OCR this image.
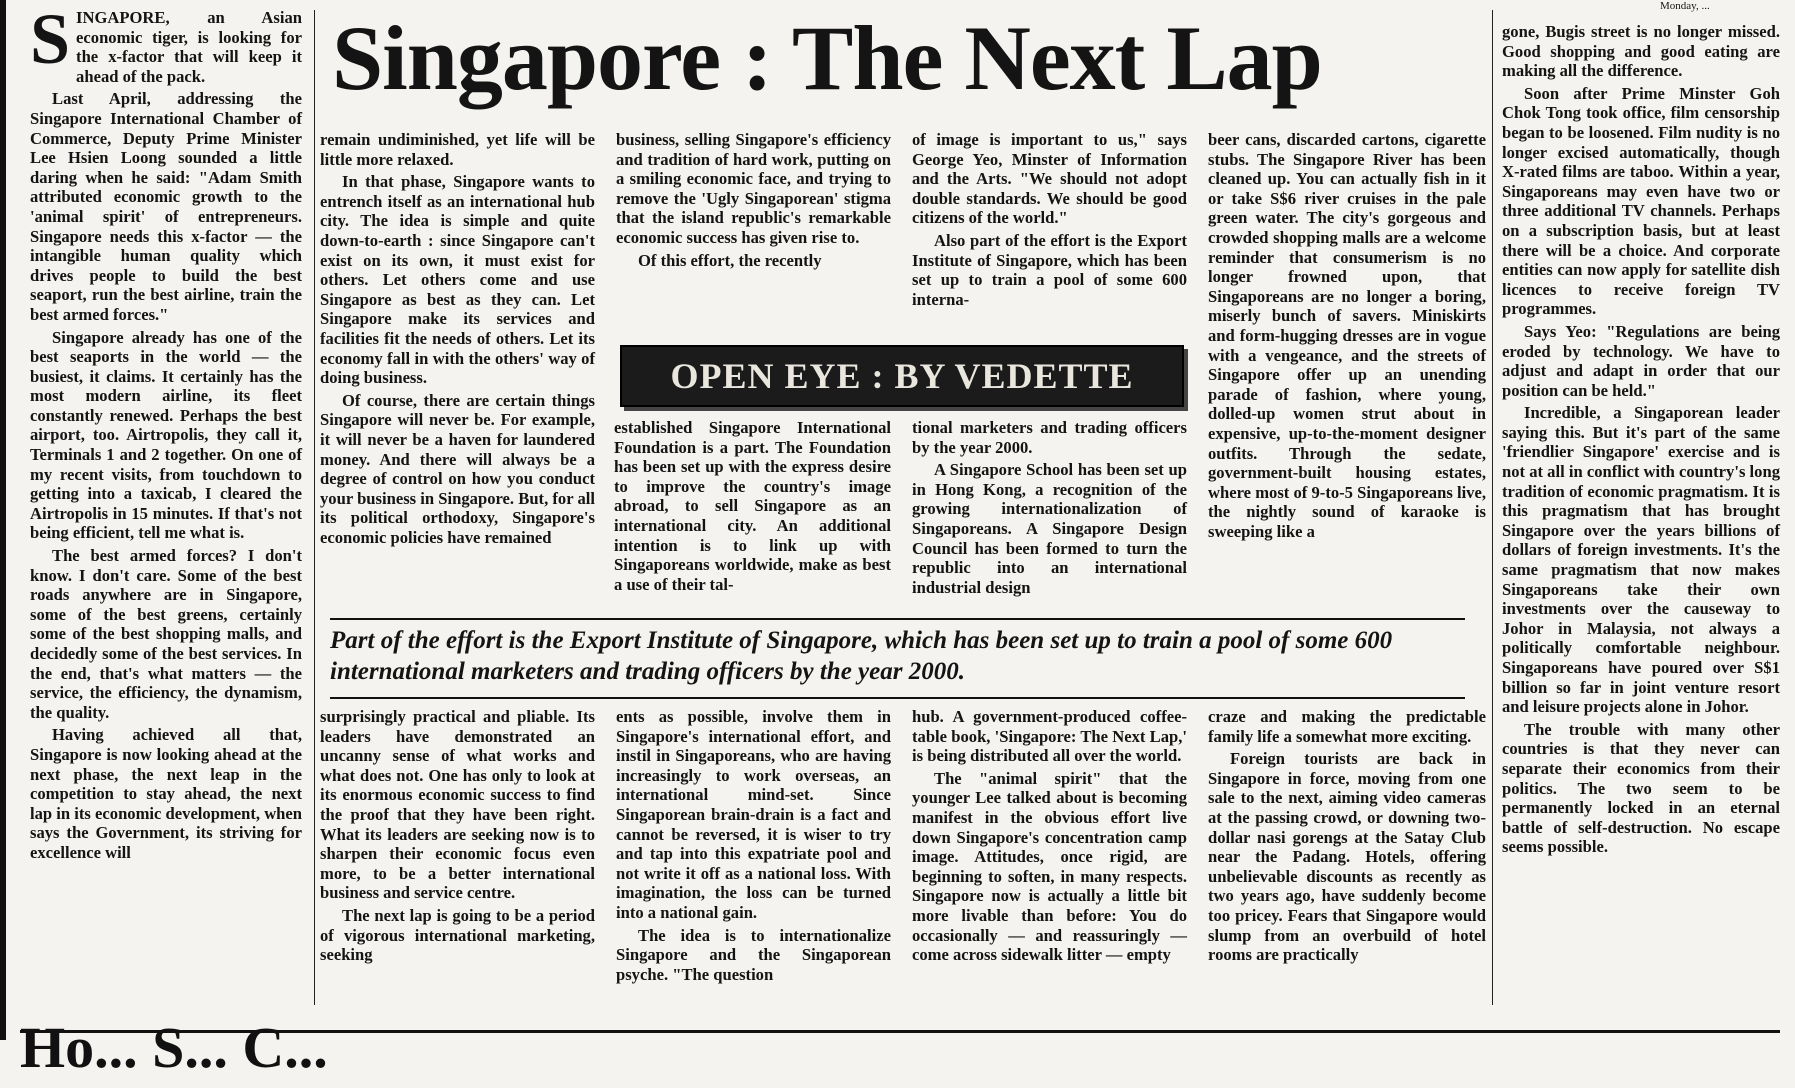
SINGAPORE, an Asian economic tiger, is looking for the x-factor that will keep it ahead of the pack.

Last April, addressing the Singapore International Chamber of Commerce, Deputy Prime Minister Lee Hsien Loong sounded a little daring when he said: "Adam Smith attributed economic growth to the 'animal spirit' of entrepreneurs. Singapore needs this x-factor — the intangible human quality which drives people to build the best seaport, run the best airline, train the best armed forces."

Singapore already has one of the best seaports in the world — the busiest, it claims. It certainly has the most modern airline, its fleet constantly renewed. Perhaps the best airport, too. Airtropolis, they call it, Terminals 1 and 2 together. On one of my recent visits, from touchdown to getting into a taxicab, I cleared the Airtropolis in 15 minutes. If that's not being efficient, tell me what is.

The best armed forces? I don't know. I don't care. Some of the best roads anywhere are in Singapore, some of the best greens, certainly some of the best shopping malls, and decidedly some of the best services. In the end, that's what matters — the service, the efficiency, the dynamism, the quality.

Having achieved all that, Singapore is now looking ahead at the next phase, the next leap in the competition to stay ahead, the next lap in its economic development, when says the Government, its striving for excellence will

Singapore : The Next Lap

remain undiminished, yet life will be little more relaxed.

In that phase, Singapore wants to entrench itself as an international hub city. The idea is simple and quite down-to-earth : since Singapore can't exist on its own, it must exist for others. Let others come and use Singapore as best as they can. Let Singapore make its services and facilities fit the needs of others. Let its economy fall in with the others' way of doing business.

Of course, there are certain things Singapore will never be. For example, it will never be a haven for laundered money. And there will always be a degree of control on how you conduct your business in Singapore. But, for all its political orthodoxy, Singapore's economic policies have remained

business, selling Singapore's efficiency and tradition of hard work, putting on a smiling economic face, and trying to remove the 'Ugly Singaporean' stigma that the island republic's remarkable economic success has given rise to.

Of this effort, the recently

of image is important to us," says George Yeo, Minster of Information and the Arts. "We should not adopt double standards. We should be good citizens of the world."

Also part of the effort is the Export Institute of Singapore, which has been set up to train a pool of some 600 interna-

OPEN EYE : BY VEDETTE

established Singapore International Foundation is a part. The Foundation has been set up with the express desire to improve the country's image abroad, to sell Singapore as an international city. An additional intention is to link up with Singaporeans worldwide, make as best a use of their tal-

tional marketers and trading officers by the year 2000.

A Singapore School has been set up in Hong Kong, a recognition of the growing internationalization of Singaporeans. A Singapore Design Council has been formed to turn the republic into an international industrial design

beer cans, discarded cartons, cigarette stubs. The Singapore River has been cleaned up. You can actually fish in it or take S$6 river cruises in the pale green water. The city's gorgeous and crowded shopping malls are a welcome reminder that consumerism is no longer frowned upon, that Singaporeans are no longer a boring, miserly bunch of savers. Miniskirts and form-hugging dresses are in vogue with a vengeance, and the streets of Singapore offer up an unending parade of fashion, where young, dolled-up women strut about in expensive, up-to-the-moment designer outfits. Through the sedate, government-built housing estates, where most of 9-to-5 Singaporeans live, the nightly sound of karaoke is sweeping like a

gone, Bugis street is no longer missed. Good shopping and good eating are making all the difference.

Soon after Prime Minster Goh Chok Tong took office, film censorship began to be loosened. Film nudity is no longer excised automatically, though X-rated films are taboo. Within a year, Singaporeans may even have two or three additional TV channels. Perhaps on a subscription basis, but at least there will be a choice. And corporate entities can now apply for satellite dish licences to receive foreign TV programmes.

Says Yeo: "Regulations are being eroded by technology. We have to adjust and adapt in order that our position can be held."

Incredible, a Singaporean leader saying this. But it's part of the same 'friendlier Singapore' exercise and is not at all in conflict with country's long tradition of economic pragmatism. It is this pragmatism that has brought Singapore over the years billions of dollars of foreign investments. It's the same pragmatism that now makes Singaporeans take their own investments over the causeway to Johor in Malaysia, not always a politically comfortable neighbour. Singaporeans have poured over S$1 billion so far in joint venture resort and leisure projects alone in Johor.

The trouble with many other countries is that they never can separate their economics from their politics. The two seem to be permanently locked in an eternal battle of self-destruction. No escape seems possible.

Monday, ...
Part of the effort is the Export Institute of Singapore, which has been set up to train a pool of some 600 international marketers and trading officers by the year 2000.

surprisingly practical and pliable. Its leaders have demonstrated an uncanny sense of what works and what does not. One has only to look at its enormous economic success to find the proof that they have been right. What its leaders are seeking now is to sharpen their economic focus even more, to be a better international business and service centre.

The next lap is going to be a period of vigorous international marketing, seeking

ents as possible, involve them in Singapore's international effort, and instil in Singaporeans, who are having increasingly to work overseas, an international mind-set. Since Singaporean brain-drain is a fact and cannot be reversed, it is wiser to try and tap into this expatriate pool and not write it off as a national loss. With imagination, the loss can be turned into a national gain.

The idea is to internationalize Singapore and the Singaporean psyche. "The question

hub. A government-produced coffee-table book, 'Singapore: The Next Lap,' is being distributed all over the world.

The "animal spirit" that the younger Lee talked about is becoming manifest in the obvious effort live down Singapore's concentration camp image. Attitudes, once rigid, are beginning to soften, in many respects. Singapore now is actually a little bit more livable than before: You do occasionally — and reassuringly — come across sidewalk litter — empty

craze and making the predictable family life a somewhat more exciting.

Foreign tourists are back in Singapore in force, moving from one sale to the next, aiming video cameras at the passing crowd, or downing two-dollar nasi gorengs at the Satay Club near the Padang. Hotels, offering unbelievable discounts as recently as two years ago, have suddenly become too pricey. Fears that Singapore would slump from an overbuild of hotel rooms are practically

Ho... S... C...
